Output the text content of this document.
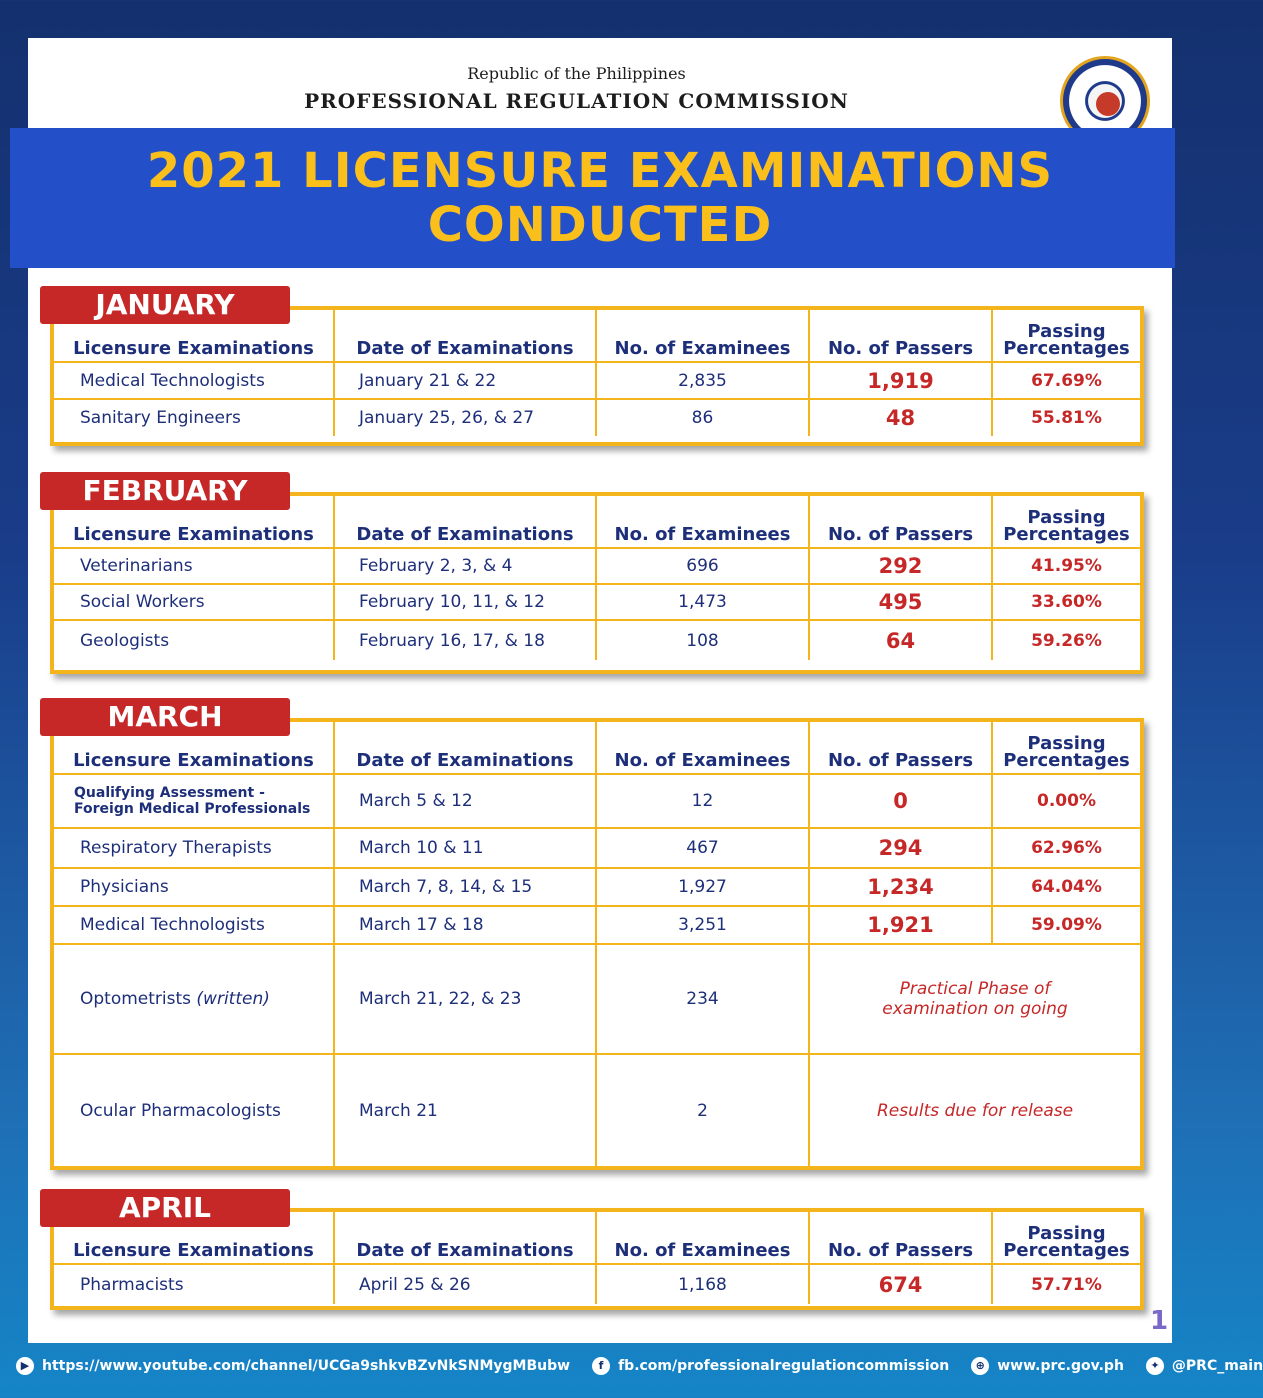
Republic of the Philippines
PROFESSIONAL REGULATION COMMISSION
2021 LICENSURE EXAMINATIONS
CONDUCTED
Licensure Examinations	Date of Examinations	No. of Examinees	No. of Passers	Passing
Percentages

Medical Technologists	January 21 & 22	2,835	1,919	67.69%
Sanitary Engineers	January 25, 26, & 27	86	48	55.81%
JANUARY
Licensure Examinations	Date of Examinations	No. of Examinees	No. of Passers	Passing
Percentages

Veterinarians	February 2, 3, & 4	696	292	41.95%
Social Workers	February 10, 11, & 12	1,473	495	33.60%
Geologists	February 16, 17, & 18	108	64	59.26%
FEBRUARY
Licensure Examinations	Date of Examinations	No. of Examinees	No. of Passers	Passing
Percentages

Qualifying Assessment -
Foreign Medical Professionals	March 5 & 12	12	0	0.00%
Respiratory Therapists	March 10 & 11	467	294	62.96%
Physicians	March 7, 8, 14, & 15	1,927	1,234	64.04%
Medical Technologists	March 17 & 18	3,251	1,921	59.09%
Optometrists (written)	March 21, 22, & 23	234	Practical Phase of
examination on going	

Ocular Pharmacologists	March 21	2	Results due for release	
MARCH
Licensure Examinations	Date of Examinations	No. of Examinees	No. of Passers	Passing
Percentages

Pharmacists	April 25 & 26	1,168	674	57.71%
APRIL
1
▶ https://www.youtube.com/channel/UCGa9shkvBZvNkSNMygMBubw	f	fb.com/professionalregulationcommission	⊕ www.prc.gov.ph	✦ @PRC_main
